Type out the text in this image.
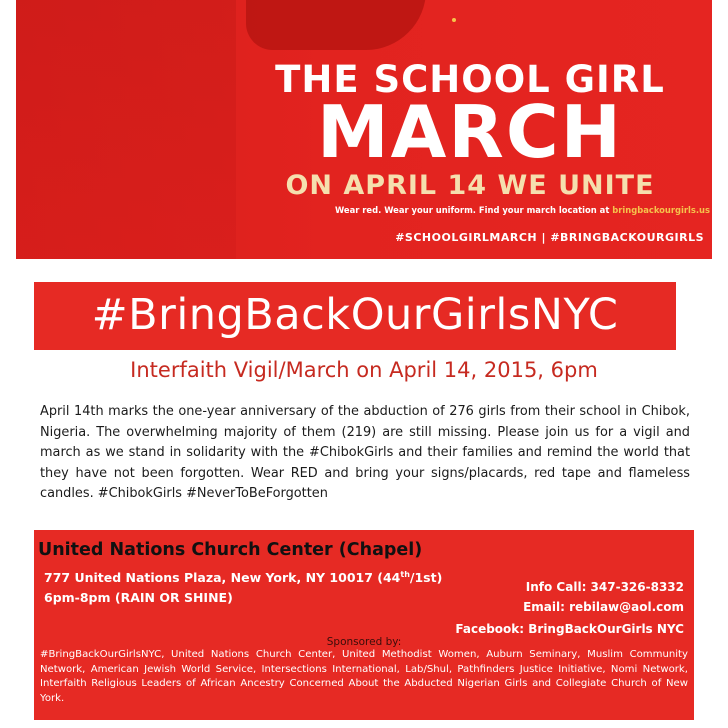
THE SCHOOL GIRL
MARCH
ON APRIL 14 WE UNITE
Wear red. Wear your uniform. Find your march location at bringbackourgirls.us
#SCHOOLGIRLMARCH | #BRINGBACKOURGIRLS
#BringBackOurGirlsNYC
Interfaith Vigil/March on April 14, 2015, 6pm
April 14th marks the one-year anniversary of the abduction of 276 girls from their school in Chibok, Nigeria. The overwhelming majority of them (219) are still missing. Please join us for a vigil and march as we stand in solidarity with the #ChibokGirls and their families and remind the world that they have not been forgotten. Wear RED and bring your signs/placards, red tape and flameless candles. #ChibokGirls #NeverToBeForgotten
United Nations Church Center (Chapel)
777 United Nations Plaza, New York, NY 10017 (44th/1st)
6pm-8pm (RAIN OR SHINE)
Info Call: 347-326-8332
Email: rebilaw@aol.com
Facebook: BringBackOurGirls NYC
Sponsored by:
#BringBackOurGirlsNYC, United Nations Church Center, United Methodist Women, Auburn Seminary, Muslim Community Network, American Jewish World Service, Intersections International, Lab/Shul, Pathfinders Justice Initiative, Nomi Network, Interfaith Religious Leaders of African Ancestry Concerned About the Abducted Nigerian Girls and Collegiate Church of New York.
